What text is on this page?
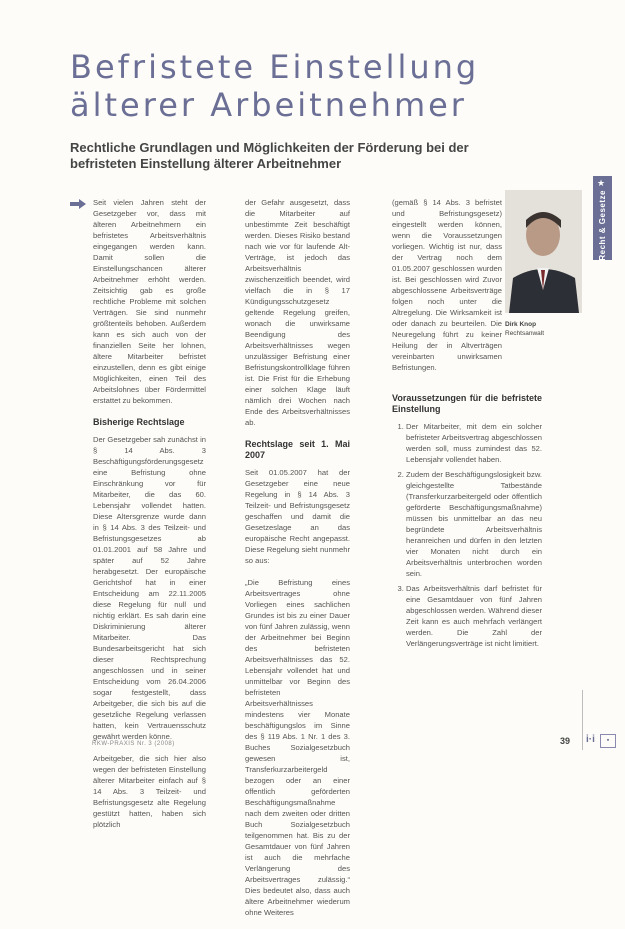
Befristete Einstellung
älterer Arbeitnehmer
Rechtliche Grundlagen und Möglichkeiten der Förderung bei der befristeten Einstellung älterer Arbeitnehmer
★
Recht & Gesetze

Seit vielen Jahren steht der Gesetzgeber vor, dass mit älteren Arbeitnehmern ein befristetes Arbeitsverhältnis eingegangen werden kann. Damit sollen die Einstellungschancen älterer Arbeitnehmer erhöht werden. Zeitsichtig gab es große rechtliche Probleme mit solchen Verträgen. Sie sind nunmehr größtenteils behoben. Außerdem kann es sich auch von der finanziellen Seite her lohnen, ältere Mitarbeiter befristet einzustellen, denn es gibt einige Möglichkeiten, einen Teil des Arbeitslohnes über Fördermittel erstattet zu bekommen.

Bisherige Rechtslage

Der Gesetzgeber sah zunächst in § 14 Abs. 3 Beschäftigungsförderungsgesetz eine Befristung ohne Einschränkung vor für Mitarbeiter, die das 60. Lebensjahr vollendet hatten. Diese Altersgrenze wurde dann in § 14 Abs. 3 des Teilzeit- und Befristungsgesetzes ab 01.01.2001 auf 58 Jahre und später auf 52 Jahre herabgesetzt. Der europäische Gerichtshof hat in einer Entscheidung am 22.11.2005 diese Regelung für null und nichtig erklärt. Es sah darin eine Diskriminierung älterer Mitarbeiter. Das Bundesarbeitsgericht hat sich dieser Rechtsprechung angeschlossen und in seiner Entscheidung vom 26.04.2006 sogar festgestellt, dass Arbeitgeber, die sich bis auf die gesetzliche Regelung verlassen hatten, kein Vertrauensschutz gewährt werden könne.

Arbeitgeber, die sich hier also wegen der befristeten Einstellung älterer Mitarbeiter einfach auf § 14 Abs. 3 Teilzeit- und Befristungsgesetz alte Regelung gestützt hatten, haben sich plötzlich

der Gefahr ausgesetzt, dass die Mitarbeiter auf unbestimmte Zeit beschäftigt werden. Dieses Risiko bestand nach wie vor für laufende Alt-Verträge, ist jedoch das Arbeitsverhältnis zwischenzeitlich beendet, wird vielfach die in § 17 Kündigungsschutzgesetz geltende Regelung greifen, wonach die unwirksame Beendigung des Arbeitsverhältnisses wegen unzulässiger Befristung einer Befristungskontrollklage führen ist. Die Frist für die Erhebung einer solchen Klage läuft nämlich drei Wochen nach Ende des Arbeitsverhältnisses ab.

Rechtslage seit 1. Mai 2007

Seit 01.05.2007 hat der Gesetzgeber eine neue Regelung in § 14 Abs. 3 Teilzeit- und Befristungsgesetz geschaffen und damit die Gesetzeslage an das europäische Recht angepasst. Diese Regelung sieht nunmehr so aus:

„Die Befristung eines Arbeitsvertrages ohne Vorliegen eines sachlichen Grundes ist bis zu einer Dauer von fünf Jahren zulässig, wenn der Arbeitnehmer bei Beginn des befristeten Arbeitsverhältnisses das 52. Lebensjahr vollendet hat und unmittelbar vor Beginn des befristeten Arbeitsverhältnisses mindestens vier Monate beschäftigungslos im Sinne des § 119 Abs. 1 Nr. 1 des 3. Buches Sozialgesetzbuch gewesen ist, Transferkurzarbeitergeld bezogen oder an einer öffentlich geförderten Beschäftigungsmaßnahme nach dem zweiten oder dritten Buch Sozialgesetzbuch teilgenommen hat. Bis zu der Gesamtdauer von fünf Jahren ist auch die mehrfache Verlängerung des Arbeitsvertrages zulässig.“ Dies bedeutet also, dass auch ältere Arbeitnehmer wiederum ohne Weiteres

Dirk Knop
Rechtsanwalt

(gemäß § 14 Abs. 3 befristet und Befristungsgesetz) eingestellt werden können, wenn die Voraussetzungen vorliegen. Wichtig ist nur, dass der Vertrag noch dem 01.05.2007 geschlossen wurden ist. Bei geschlossen wird Zuvor abgeschlossene Arbeitsverträge folgen noch unter die Altregelung. Die Wirksamkeit ist oder danach zu beurteilen. Die Neuregelung führt zu keiner Heilung der in Altverträgen vereinbarten unwirksamen Befristungen.

Voraussetzungen für die befristete Einstellung
1. Der Mitarbeiter, mit dem ein solcher befristeter Arbeitsvertrag abgeschlossen werden soll, muss zumindest das 52. Lebensjahr vollendet haben.
2. Zudem der Beschäftigungslosigkeit bzw. gleichgestellte Tatbestände (Transferkurzarbeitergeld oder öffentlich geförderte Beschäftigungsmaßnahme) müssen bis unmittelbar an das neu begründete Arbeitsverhältnis heranreichen und dürfen in den letzten vier Monaten nicht durch ein Arbeitsverhältnis unterbrochen worden sein.
3. Das Arbeitsverhältnis darf befristet für eine Gesamtdauer von fünf Jahren abgeschlossen werden. Während dieser Zeit kann es auch mehrfach verlängert werden. Die Zahl der Verlängerungsverträge ist nicht limitiert.
RKW-PRAXIS Nr. 3 (2008)	39 i·i	▪
